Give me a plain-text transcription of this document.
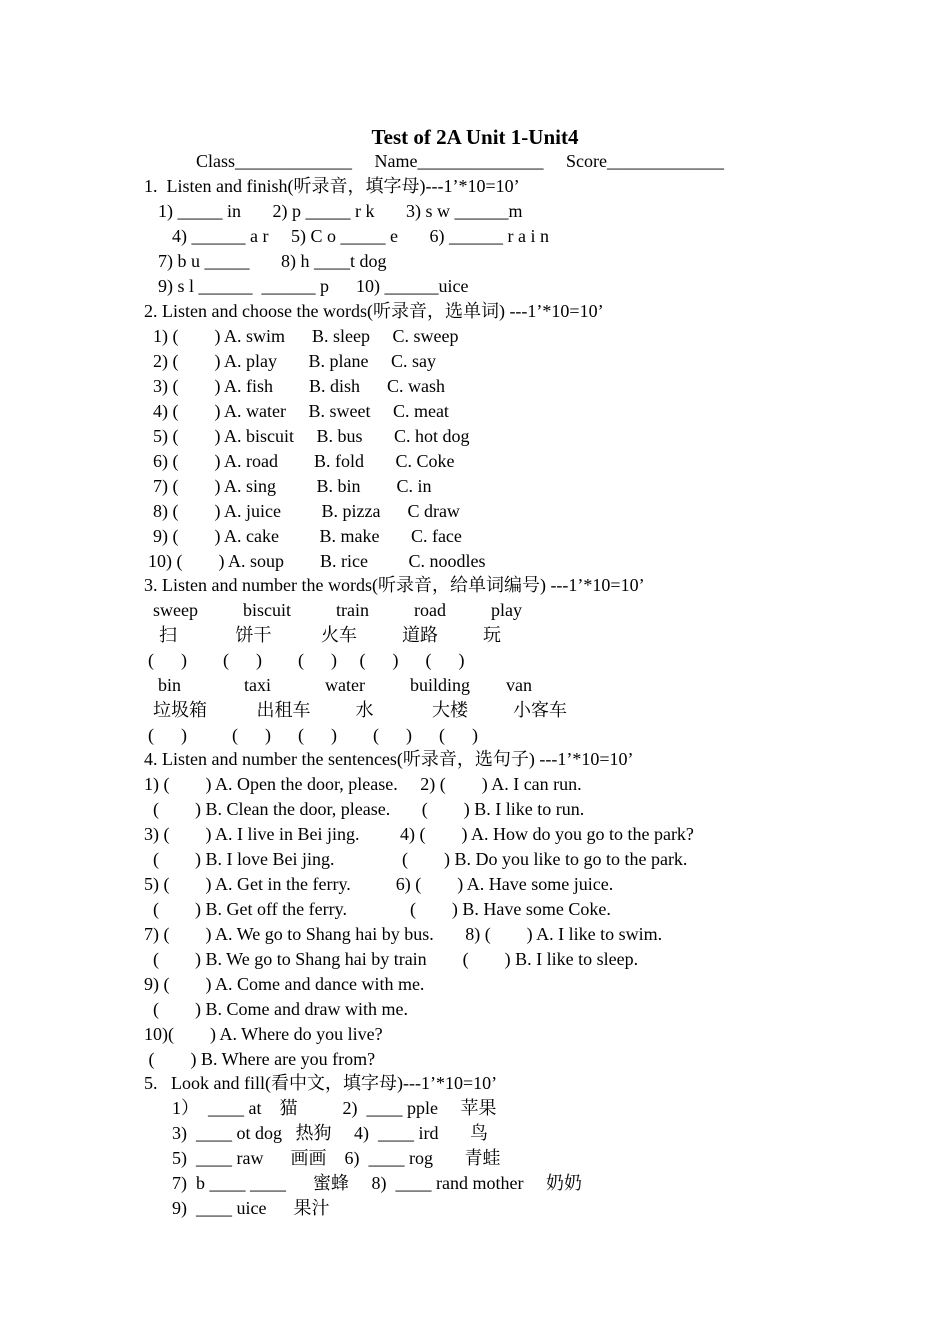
Test of 2A Unit 1-Unit4
Class_____________     Name______________     Score_____________
1.  Listen and finish(听录音，填字母)---1’*10=10’
1) _____ in       2) p _____ r k       3) s w ______m
4) ______ a r     5) C o _____ e       6) ______ r a i n
7) b u _____       8) h ____t dog
9) s l ______  ______ p      10) ______uice
2. Listen and choose the words(听录音，选单词) ---1’*10=10’
1) (        ) A. swim      B. sleep     C. sweep
2) (        ) A. play       B. plane     C. say
3) (        ) A. fish        B. dish      C. wash
4) (        ) A. water     B. sweet     C. meat
5) (        ) A. biscuit     B. bus       C. hot dog
6) (        ) A. road        B. fold       C. Coke
7) (        ) A. sing         B. bin        C. in
8) (        ) A. juice         B. pizza      C draw
9) (        ) A. cake         B. make       C. face
10) (        ) A. soup        B. rice         C. noodles
3. Listen and number the words(听录音，给单词编号) ---1’*10=10’
sweep          biscuit          train          road          play
扫             饼干           火车          道路          玩
(      )        (      )        (      )     (      )      (      )
bin              taxi            water          building        van
垃圾箱           出租车          水             大楼          小客车
(      )          (      )      (      )        (      )      (      )
4. Listen and number the sentences(听录音，选句子) ---1’*10=10’
1) (        ) A. Open the door, please.     2) (        ) A. I can run.
(        ) B. Clean the door, please.       (        ) B. I like to run.
3) (        ) A. I live in Bei jing.         4) (        ) A. How do you go to the park?
(        ) B. I love Bei jing.               (        ) B. Do you like to go to the park.
5) (        ) A. Get in the ferry.          6) (        ) A. Have some juice.
(        ) B. Get off the ferry.              (        ) B. Have some Coke.
7) (        ) A. We go to Shang hai by bus.       8) (        ) A. I like to swim.
(        ) B. We go to Shang hai by train        (        ) B. I like to sleep.
9) (        ) A. Come and dance with me.
(        ) B. Come and draw with me.
10)(        ) A. Where do you live?
(        ) B. Where are you from?
5.   Look and fill(看中文，填字母)---1’*10=10’
1）  ____ at    猫          2)  ____ pple     苹果
3)  ____ ot dog   热狗     4)  ____ ird       鸟
5)  ____ raw      画画    6)  ____ rog       青蛙
7)  b ____ ____      蜜蜂     8)  ____ rand mother     奶奶
9)  ____ uice      果汁
